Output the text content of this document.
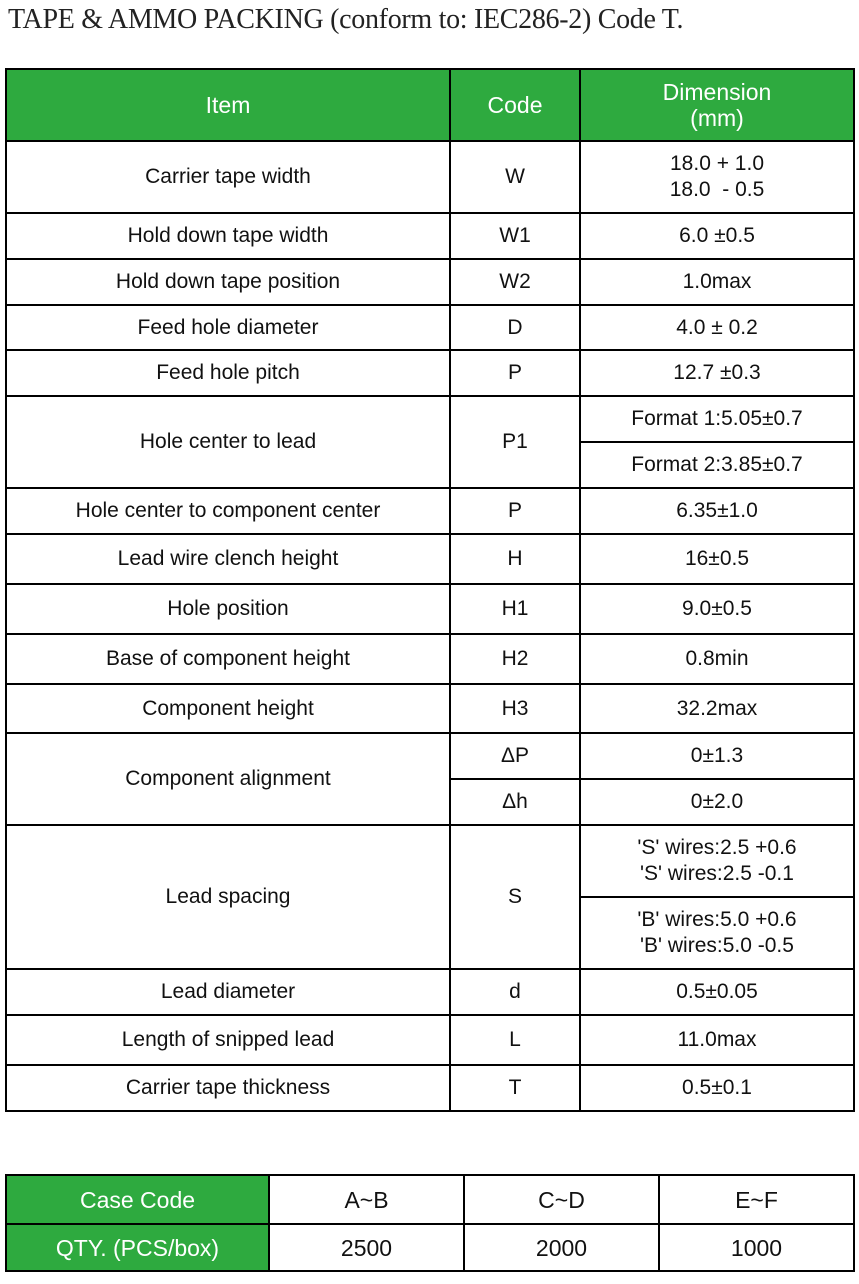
TAPE & AMMO PACKING (conform to: IEC286-2) Code T.
Item	Code	Dimension
(mm)

Carrier tape width	W	18.0 + 1.0
18.0  - 0.5

Hold down tape width	W1	6.0 ±0.5
Hold down tape position	W2	1.0max
Feed hole diameter	D	4.0 ± 0.2
Feed hole pitch	P	12.7 ±0.3
Hole center to lead	P1	Format 1:5.05±0.7
		Format 2:3.85±0.7
Hole center to component center	P	6.35±1.0
Lead wire clench height	H	16±0.5
Hole position	H1	9.0±0.5
Base of component height	H2	0.8min
Component height	H3	32.2max
Component alignment	ΔP	0±1.3
	Δh	0±2.0
Lead spacing	S	'S' wires:2.5 +0.6
'S' wires:2.5 -0.1

		'B' wires:5.0 +0.6
'B' wires:5.0 -0.5

Lead diameter	d	0.5±0.05
Length of snipped lead	L	11.0max
Carrier tape thickness	T	0.5±0.1
Case Code	A~B	C~D	E~F
QTY. (PCS/box)	2500	2000	1000
